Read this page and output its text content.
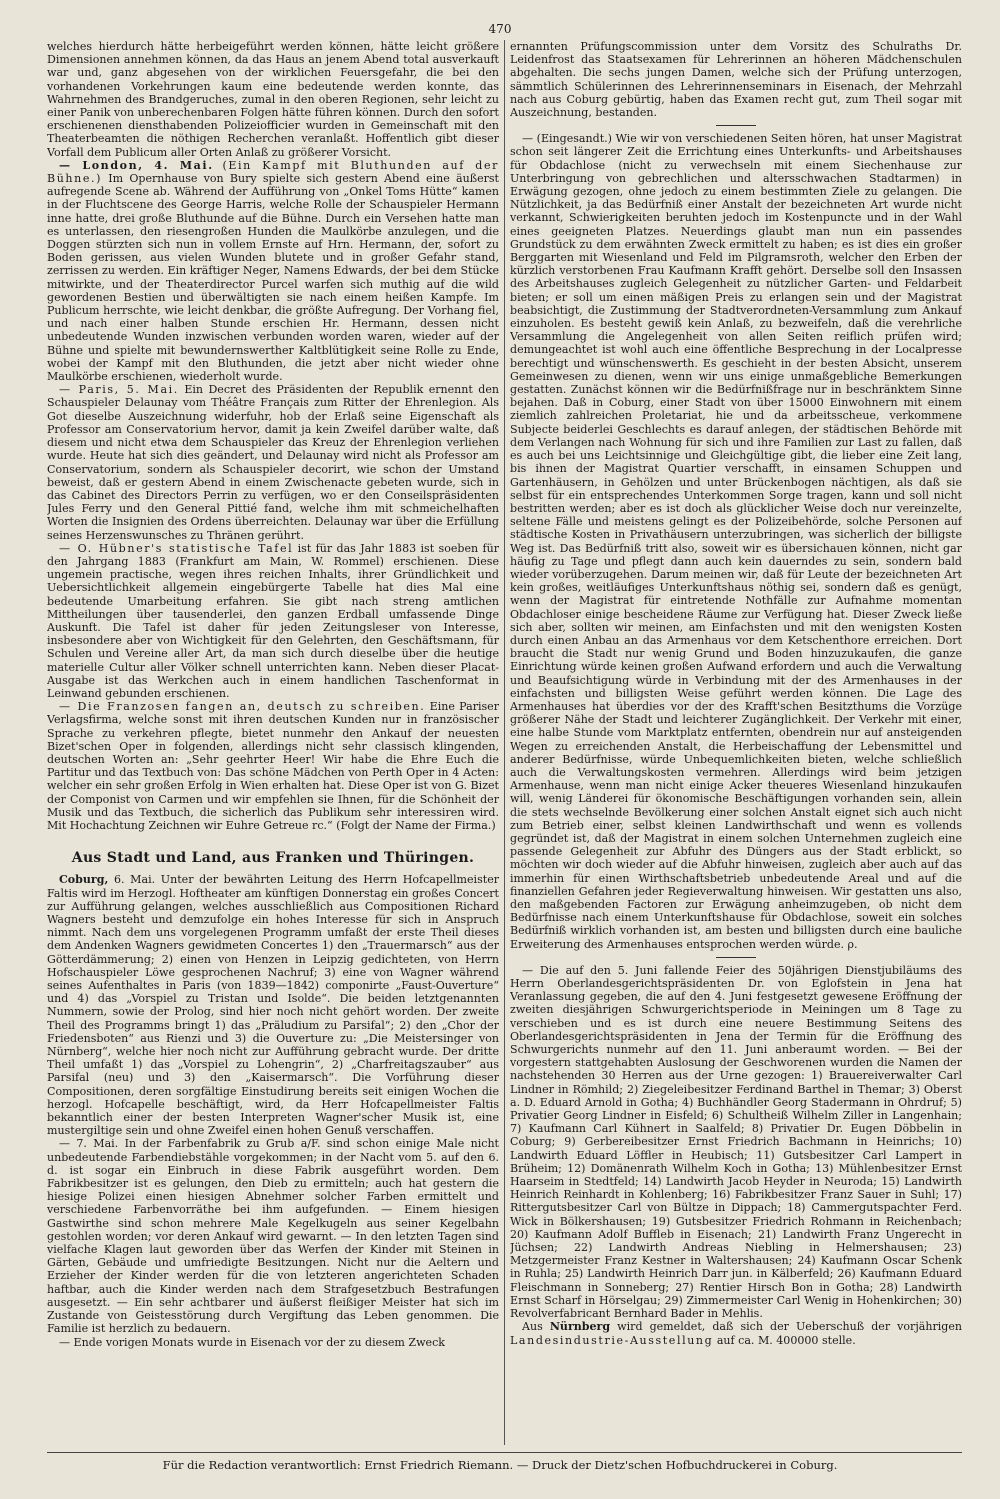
470

welches hierdurch hätte herbeigeführt werden können, hätte leicht größere Dimensionen annehmen können, da das Haus an jenem Abend total ausverkauft war und, ganz abgesehen von der wirklichen Feuersgefahr, die bei den vorhandenen Vorkehrungen kaum eine bedeutende werden konnte, das Wahrnehmen des Brandgeruches, zumal in den oberen Regionen, sehr leicht zu einer Panik von unberechenbaren Folgen hätte führen können. Durch den sofort erschienenen diensthabenden Polizeiofficier wurden in Gemeinschaft mit den Theaterbeamten die nöthigen Recherchen veranlaßt. Hoffentlich gibt dieser Vorfall dem Publicum aller Orten Anlaß zu größerer Vorsicht.

— London, 4. Mai. (Ein Kampf mit Bluthunden auf der Bühne.) Im Opernhause von Bury spielte sich gestern Abend eine äußerst aufregende Scene ab. Während der Aufführung von „Onkel Toms Hütte“ kamen in der Fluchtscene des George Harris, welche Rolle der Schauspieler Hermann inne hatte, drei große Bluthunde auf die Bühne. Durch ein Versehen hatte man es unterlassen, den riesengroßen Hunden die Maulkörbe anzulegen, und die Doggen stürzten sich nun in vollem Ernste auf Hrn. Hermann, der, sofort zu Boden gerissen, aus vielen Wunden blutete und in großer Gefahr stand, zerrissen zu werden. Ein kräftiger Neger, Namens Edwards, der bei dem Stücke mitwirkte, und der Theaterdirector Purcel warfen sich muthig auf die wild gewordenen Bestien und überwältigten sie nach einem heißen Kampfe. Im Publicum herrschte, wie leicht denkbar, die größte Aufregung. Der Vorhang fiel, und nach einer halben Stunde erschien Hr. Hermann, dessen nicht unbedeutende Wunden inzwischen verbunden worden waren, wieder auf der Bühne und spielte mit bewundernswerther Kaltblütigkeit seine Rolle zu Ende, wobei der Kampf mit den Bluthunden, die jetzt aber nicht wieder ohne Maulkörbe erschienen, wiederholt wurde.

— Paris, 5. Mai. Ein Decret des Präsidenten der Republik ernennt den Schauspieler Delaunay vom Théâtre Français zum Ritter der Ehrenlegion. Als Got dieselbe Auszeichnung widerfuhr, hob der Erlaß seine Eigenschaft als Professor am Conservatorium hervor, damit ja kein Zweifel darüber walte, daß diesem und nicht etwa dem Schauspieler das Kreuz der Ehrenlegion verliehen wurde. Heute hat sich dies geändert, und Delaunay wird nicht als Professor am Conservatorium, sondern als Schauspieler decorirt, wie schon der Umstand beweist, daß er gestern Abend in einem Zwischenacte gebeten wurde, sich in das Cabinet des Directors Perrin zu verfügen, wo er den Conseilspräsidenten Jules Ferry und den General Pittié fand, welche ihm mit schmeichelhaften Worten die Insignien des Ordens überreichten. Delaunay war über die Erfüllung seines Herzenswunsches zu Thränen gerührt.

— O. Hübner's statistische Tafel ist für das Jahr 1883 ist soeben für den Jahrgang 1883 (Frankfurt am Main, W. Rommel) erschienen. Diese ungemein practische, wegen ihres reichen Inhalts, ihrer Gründlichkeit und Uebersichtlichkeit allgemein eingebürgerte Tabelle hat dies Mal eine bedeutende Umarbeitung erfahren. Sie gibt nach streng amtlichen Mittheilungen über tausenderlei, den ganzen Erdball umfassende Dinge Auskunft. Die Tafel ist daher für jeden Zeitungsleser von Interesse, insbesondere aber von Wichtigkeit für den Gelehrten, den Geschäftsmann, für Schulen und Vereine aller Art, da man sich durch dieselbe über die heutige materielle Cultur aller Völker schnell unterrichten kann. Neben dieser Placat-Ausgabe ist das Werkchen auch in einem handlichen Taschenformat in Leinwand gebunden erschienen.

— Die Franzosen fangen an, deutsch zu schreiben. Eine Pariser Verlagsfirma, welche sonst mit ihren deutschen Kunden nur in französischer Sprache zu verkehren pflegte, bietet nunmehr den Ankauf der neuesten Bizet'schen Oper in folgenden, allerdings nicht sehr classisch klingenden, deutschen Worten an: „Sehr geehrter Heer! Wir habe die Ehre Euch die Partitur und das Textbuch von: Das schöne Mädchen von Perth Oper in 4 Acten: welcher ein sehr großen Erfolg in Wien erhalten hat. Diese Oper ist von G. Bizet der Componist von Carmen und wir empfehlen sie Ihnen, für die Schönheit der Musik und das Textbuch, die sicherlich das Publikum sehr interessiren wird. Mit Hochachtung Zeichnen wir Euhre Getreue rc.“ (Folgt der Name der Firma.)

Aus Stadt und Land, aus Franken und Thüringen.

Coburg, 6. Mai. Unter der bewährten Leitung des Herrn Hofcapellmeister Faltis wird im Herzogl. Hoftheater am künftigen Donnerstag ein großes Concert zur Aufführung gelangen, welches ausschließlich aus Compositionen Richard Wagners besteht und demzufolge ein hohes Interesse für sich in Anspruch nimmt. Nach dem uns vorgelegenen Programm umfaßt der erste Theil dieses dem Andenken Wagners gewidmeten Concertes 1) den „Trauermarsch“ aus der Götterdämmerung; 2) einen von Henzen in Leipzig gedichteten, von Herrn Hofschauspieler Löwe gesprochenen Nachruf; 3) eine von Wagner während seines Aufenthaltes in Paris (von 1839—1842) componirte „Faust-Ouverture“ und 4) das „Vorspiel zu Tristan und Isolde“. Die beiden letztgenannten Nummern, sowie der Prolog, sind hier noch nicht gehört worden. Der zweite Theil des Programms bringt 1) das „Präludium zu Parsifal“; 2) den „Chor der Friedensboten“ aus Rienzi und 3) die Ouverture zu: „Die Meistersinger von Nürnberg“, welche hier noch nicht zur Aufführung gebracht wurde. Der dritte Theil umfaßt 1) das „Vorspiel zu Lohengrin“, 2) „Charfreitagszauber“ aus Parsifal (neu) und 3) den „Kaisermarsch“. Die Vorführung dieser Compositionen, deren sorgfältige Einstudirung bereits seit einigen Wochen die herzogl. Hofcapelle beschäftigt, wird, da Herr Hofcapellmeister Faltis bekanntlich einer der besten Interpreten Wagner'scher Musik ist, eine mustergiltige sein und ohne Zweifel einen hohen Genuß verschaffen.

— 7. Mai. In der Farbenfabrik zu Grub a/F. sind schon einige Male nicht unbedeutende Farbendiebstähle vorgekommen; in der Nacht vom 5. auf den 6. d. ist sogar ein Einbruch in diese Fabrik ausgeführt worden. Dem Fabrikbesitzer ist es gelungen, den Dieb zu ermitteln; auch hat gestern die hiesige Polizei einen hiesigen Abnehmer solcher Farben ermittelt und verschiedene Farbenvorräthe bei ihm aufgefunden. — Einem hiesigen Gastwirthe sind schon mehrere Male Kegelkugeln aus seiner Kegelbahn gestohlen worden; vor deren Ankauf wird gewarnt. — In den letzten Tagen sind vielfache Klagen laut geworden über das Werfen der Kinder mit Steinen in Gärten, Gebäude und umfriedigte Besitzungen. Nicht nur die Aeltern und Erzieher der Kinder werden für die von letzteren angerichteten Schaden haftbar, auch die Kinder werden nach dem Strafgesetzbuch Bestrafungen ausgesetzt. — Ein sehr achtbarer und äußerst fleißiger Meister hat sich im Zustande von Geistesstörung durch Vergiftung das Leben genommen. Die Familie ist herzlich zu bedauern.

— Ende vorigen Monats wurde in Eisenach vor der zu diesem Zweck

ernannten Prüfungscommission unter dem Vorsitz des Schulraths Dr. Leidenfrost das Staatsexamen für Lehrerinnen an höheren Mädchenschulen abgehalten. Die sechs jungen Damen, welche sich der Prüfung unterzogen, sämmtlich Schülerinnen des Lehrerinnenseminars in Eisenach, der Mehrzahl nach aus Coburg gebürtig, haben das Examen recht gut, zum Theil sogar mit Auszeichnung, bestanden.

— (Eingesandt.) Wie wir von verschiedenen Seiten hören, hat unser Magistrat schon seit längerer Zeit die Errichtung eines Unterkunfts- und Arbeitshauses für Obdachlose (nicht zu verwechseln mit einem Siechenhause zur Unterbringung von gebrechlichen und altersschwachen Stadtarmen) in Erwägung gezogen, ohne jedoch zu einem bestimmten Ziele zu gelangen. Die Nützlichkeit, ja das Bedürfniß einer Anstalt der bezeichneten Art wurde nicht verkannt, Schwierigkeiten beruhten jedoch im Kostenpuncte und in der Wahl eines geeigneten Platzes. Neuerdings glaubt man nun ein passendes Grundstück zu dem erwähnten Zweck ermittelt zu haben; es ist dies ein großer Berggarten mit Wiesenland und Feld im Pilgramsroth, welcher den Erben der kürzlich verstorbenen Frau Kaufmann Krafft gehört. Derselbe soll den Insassen des Arbeitshauses zugleich Gelegenheit zu nützlicher Garten- und Feldarbeit bieten; er soll um einen mäßigen Preis zu erlangen sein und der Magistrat beabsichtigt, die Zustimmung der Stadtverordneten-Versammlung zum Ankauf einzuholen. Es besteht gewiß kein Anlaß, zu bezweifeln, daß die verehrliche Versammlung die Angelegenheit von allen Seiten reiflich prüfen wird; demungeachtet ist wohl auch eine öffentliche Besprechung in der Localpresse berechtigt und wünschenswerth. Es geschieht in der besten Absicht, unserem Gemeinwesen zu dienen, wenn wir uns einige unmaßgebliche Bemerkungen gestatten. Zunächst können wir die Bedürfnißfrage nur in beschränktem Sinne bejahen. Daß in Coburg, einer Stadt von über 15000 Einwohnern mit einem ziemlich zahlreichen Proletariat, hie und da arbeitsscheue, verkommene Subjecte beiderlei Geschlechts es darauf anlegen, der städtischen Behörde mit dem Verlangen nach Wohnung für sich und ihre Familien zur Last zu fallen, daß es auch bei uns Leichtsinnige und Gleichgültige gibt, die lieber eine Zeit lang, bis ihnen der Magistrat Quartier verschafft, in einsamen Schuppen und Gartenhäusern, in Gehölzen und unter Brückenbogen nächtigen, als daß sie selbst für ein entsprechendes Unterkommen Sorge tragen, kann und soll nicht bestritten werden; aber es ist doch als glücklicher Weise doch nur vereinzelte, seltene Fälle und meistens gelingt es der Polizeibehörde, solche Personen auf städtische Kosten in Privathäusern unterzubringen, was sicherlich der billigste Weg ist. Das Bedürfniß tritt also, soweit wir es übersichauen können, nicht gar häufig zu Tage und pflegt dann auch kein dauerndes zu sein, sondern bald wieder vorüberzugehen. Darum meinen wir, daß für Leute der bezeichneten Art kein großes, weitläufiges Unterkunftshaus nöthig sei, sondern daß es genügt, wenn der Magistrat für eintretende Nothfälle zur Aufnahme momentan Obdachloser einige bescheidene Räume zur Verfügung hat. Dieser Zweck ließe sich aber, sollten wir meinen, am Einfachsten und mit den wenigsten Kosten durch einen Anbau an das Armenhaus vor dem Ketschenthore erreichen. Dort braucht die Stadt nur wenig Grund und Boden hinzuzukaufen, die ganze Einrichtung würde keinen großen Aufwand erfordern und auch die Verwaltung und Beaufsichtigung würde in Verbindung mit der des Armenhauses in der einfachsten und billigsten Weise geführt werden können. Die Lage des Armenhauses hat überdies vor der des Krafft'schen Besitzthums die Vorzüge größerer Nähe der Stadt und leichterer Zugänglichkeit. Der Verkehr mit einer, eine halbe Stunde vom Marktplatz entfernten, obendrein nur auf ansteigenden Wegen zu erreichenden Anstalt, die Herbeischaffung der Lebensmittel und anderer Bedürfnisse, würde Unbequemlichkeiten bieten, welche schließlich auch die Verwaltungskosten vermehren. Allerdings wird beim jetzigen Armenhause, wenn man nicht einige Acker theueres Wiesenland hinzukaufen will, wenig Länderei für ökonomische Beschäftigungen vorhanden sein, allein die stets wechselnde Bevölkerung einer solchen Anstalt eignet sich auch nicht zum Betrieb einer, selbst kleinen Landwirthschaft und wenn es vollends gegründet ist, daß der Magistrat in einem solchen Unternehmen zugleich eine passende Gelegenheit zur Abfuhr des Düngers aus der Stadt erblickt, so möchten wir doch wieder auf die Abfuhr hinweisen, zugleich aber auch auf das immerhin für einen Wirthschaftsbetrieb unbedeutende Areal und auf die finanziellen Gefahren jeder Regieverwaltung hinweisen. Wir gestatten uns also, den maßgebenden Factoren zur Erwägung anheimzugeben, ob nicht dem Bedürfnisse nach einem Unterkunftshause für Obdachlose, soweit ein solches Bedürfniß wirklich vorhanden ist, am besten und billigsten durch eine bauliche Erweiterung des Armenhauses entsprochen werden würde. ρ.

— Die auf den 5. Juni fallende Feier des 50jährigen Dienstjubiläums des Herrn Oberlandesgerichtspräsidenten Dr. von Eglofstein in Jena hat Veranlassung gegeben, die auf den 4. Juni festgesetzt gewesene Eröffnung der zweiten diesjährigen Schwurgerichtsperiode in Meiningen um 8 Tage zu verschieben und es ist durch eine neuere Bestimmung Seitens des Oberlandesgerichtspräsidenten in Jena der Termin für die Eröffnung des Schwurgerichts nunmehr auf den 11. Juni anberaumt worden. — Bei der vorgestern stattgehabten Auslosung der Geschworenen wurden die Namen der nachstehenden 30 Herren aus der Urne gezogen: 1) Brauereiverwalter Carl Lindner in Römhild; 2) Ziegeleibesitzer Ferdinand Barthel in Themar; 3) Oberst a. D. Eduard Arnold in Gotha; 4) Buchhändler Georg Stadermann in Ohrdruf; 5) Privatier Georg Lindner in Eisfeld; 6) Schultheiß Wilhelm Ziller in Langenhain; 7) Kaufmann Carl Kühnert in Saalfeld; 8) Privatier Dr. Eugen Döbbelin in Coburg; 9) Gerbereibesitzer Ernst Friedrich Bachmann in Heinrichs; 10) Landwirth Eduard Löffler in Heubisch; 11) Gutsbesitzer Carl Lampert in Brüheim; 12) Domänenrath Wilhelm Koch in Gotha; 13) Mühlenbesitzer Ernst Haarseim in Stedtfeld; 14) Landwirth Jacob Heyder in Neuroda; 15) Landwirth Heinrich Reinhardt in Kohlenberg; 16) Fabrikbesitzer Franz Sauer in Suhl; 17) Rittergutsbesitzer Carl von Bültze in Dippach; 18) Cammergutspachter Ferd. Wick in Bölkershausen; 19) Gutsbesitzer Friedrich Rohmann in Reichenbach; 20) Kaufmann Adolf Buffleb in Eisenach; 21) Landwirth Franz Ungerecht in Jüchsen; 22) Landwirth Andreas Niebling in Helmershausen; 23) Metzgermeister Franz Kestner in Waltershausen; 24) Kaufmann Oscar Schenk in Ruhla; 25) Landwirth Heinrich Darr jun. in Kälberfeld; 26) Kaufmann Eduard Fleischmann in Sonneberg; 27) Rentier Hirsch Bon in Gotha; 28) Landwirth Ernst Scharf in Hörselgau; 29) Zimmermeister Carl Wenig in Hohenkirchen; 30) Revolverfabricant Bernhard Bader in Mehlis.

Aus Nürnberg wird gemeldet, daß sich der Ueberschuß der vorjährigen Landesindustrie-Ausstellung auf ca. M. 400000 stelle.

Für die Redaction verantwortlich: Ernst Friedrich Riemann. — Druck der Dietz'schen Hofbuchdruckerei in Coburg.
